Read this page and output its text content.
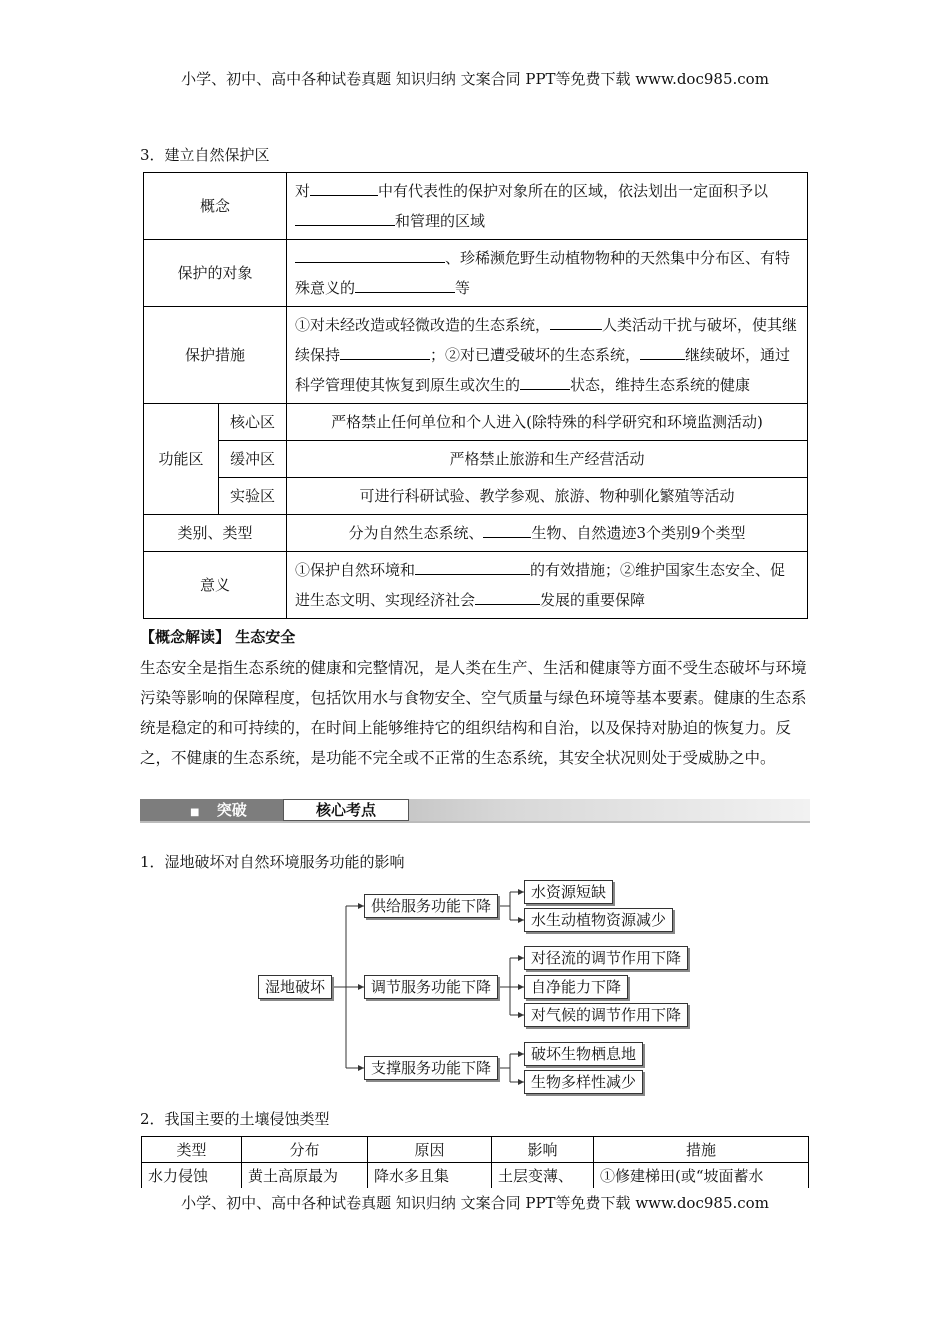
小学、初中、高中各种试卷真题 知识归纳 文案合同 PPT等免费下载 www.doc985.com
3．建立自然保护区
概念		对 中有代表性的保护对象所在的区域，依法划出一定面积予以和管理的区域
保护的对象		、珍稀濒危野生动植物物种的天然集中分布区、有特殊意义的 等
保护措施		①对未经改造或轻微改造的生态系统， 人类活动干扰与破坏，使其继续保持 ；②对已遭受破坏的生态系统， 继续破坏，通过科学管理使其恢复到原生或次生的 状态，维持生态系统的健康
功能区	核心区	严格禁止任何单位和个人进入(除特殊的科学研究和环境监测活动)
	缓冲区	严格禁止旅游和生产经营活动
	实验区	可进行科研试验、教学参观、旅游、物种驯化繁殖等活动
类别、类型		分为自然生态系统、 生物、自然遗迹3个类别9个类型
意义		①保护自然环境和 的有效措施；②维护国家生态安全、促进生态文明、实现经济社会 发展的重要保障
【概念解读】 生态安全

生态安全是指生态系统的健康和完整情况，是人类在生产、生活和健康等方面不受生态破坏与环境污染等影响的保障程度，包括饮用水与食物安全、空气质量与绿色环境等基本要素。健康的生态系统是稳定的和可持续的，在时间上能够维持它的组织结构和自治，以及保持对胁迫的恢复力。反之，不健康的生态系统，是功能不完全或不正常的生态系统，其安全状况则处于受威胁之中。

■ 突破	核心考点
1．湿地破坏对自然环境服务功能的影响
湿地破坏
供给服务功能下降
调节服务功能下降
支撑服务功能下降
水资源短缺
水生动植物资源减少
对径流的调节作用下降
自净能力下降
对气候的调节作用下降
破坏生物栖息地
生物多样性减少
2．我国主要的土壤侵蚀类型
类型	分布	原因	影响	措施
水力侵蚀	黄土高原最为	降水多且集	土层变薄、	①修建梯田(或“坡面蓄水
小学、初中、高中各种试卷真题 知识归纳 文案合同 PPT等免费下载 www.doc985.com
